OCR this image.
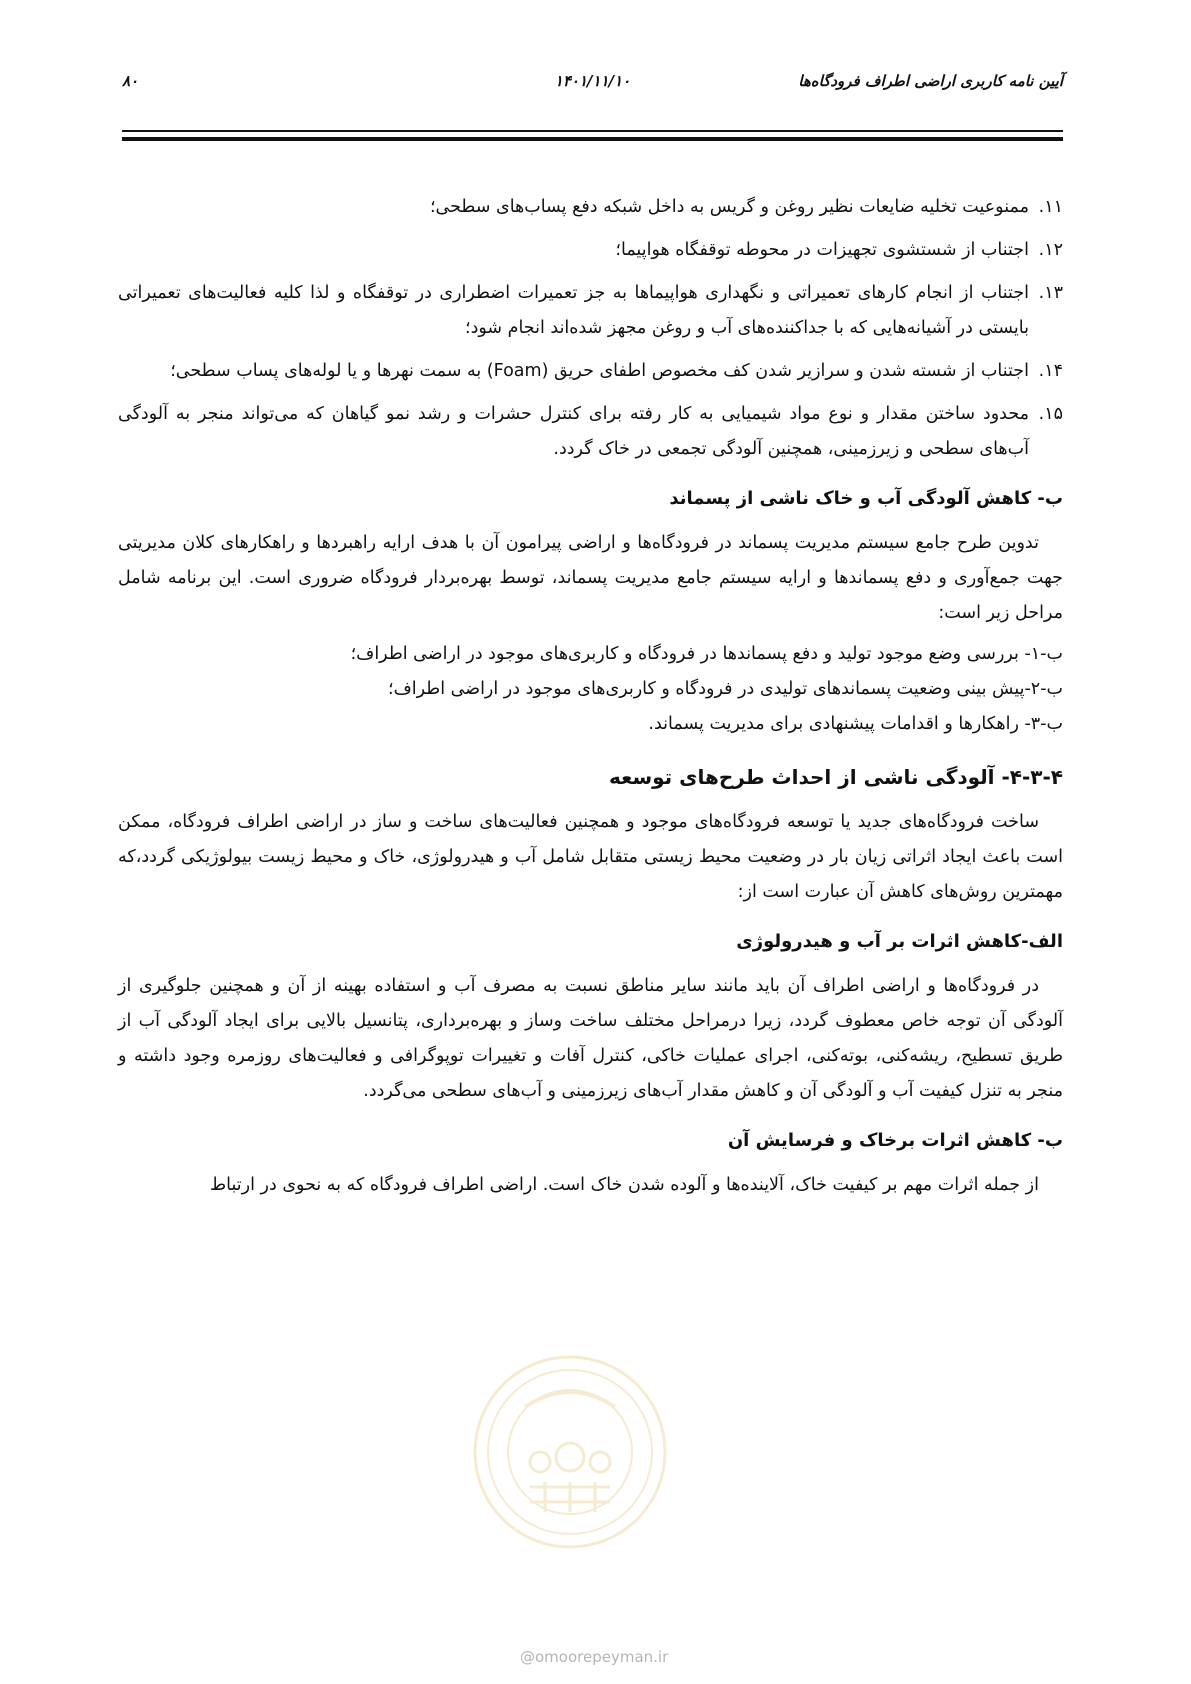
آیین نامه کاربری اراضی اطراف فرودگاه‌ها
۱۴۰۱/۱۱/۱۰
۸۰
۱۱.
ممنوعیت تخلیه ضایعات نظیر روغن و گریس به داخل شبکه دفع پساب‌های سطحی؛
۱۲.
اجتناب از شستشوی تجهیزات در محوطه توقفگاه هواپیما؛
۱۳.
اجتناب از انجام کارهای تعمیراتی و نگهداری هواپیماها به جز تعمیرات اضطراری در توقفگاه و لذا کلیه فعالیت‌های تعمیراتی بایستی در آشیانه‌هایی که با جداکننده‌های آب و روغن مجهز شده‌اند انجام شود؛
۱۴.
اجتناب از شسته شدن و سرازیر شدن کف مخصوص اطفای حریق (Foam) به سمت نهرها و یا لوله‌های پساب سطحی؛
۱۵.
محدود ساختن مقدار و نوع مواد شیمیایی به کار رفته برای کنترل حشرات و رشد نمو گیاهان که می‌تواند منجر به آلودگی آب‌های سطحی و زیرزمینی، همچنین آلودگی تجمعی در خاک گردد.
ب- کاهش آلودگی آب و خاک ناشی از پسماند

تدوین طرح جامع سیستم مدیریت پسماند در فرودگاه‌ها و اراضی پیرامون آن با هدف ارایه راهبردها و راهکارهای کلان مدیریتی جهت جمع‌آوری و دفع پسماندها و ارایه سیستم جامع مدیریت پسماند، توسط بهره‌بردار فرودگاه ضروری است. این برنامه شامل مراحل زیر است:

ب-۱- بررسی وضع موجود تولید و دفع پسماندها در فرودگاه و کاربری‌های موجود در اراضی اطراف؛
ب-۲-پیش بینی وضعیت پسماندهای تولیدی در فرودگاه و کاربری‌های موجود در اراضی اطراف؛
ب-۳- راهکارها و اقدامات پیشنهادی برای مدیریت پسماند.
۴-۳-۴- آلودگی ناشی از احداث طرح‌های توسعه

ساخت فرودگاه‌های جدید یا توسعه فرودگاه‌های موجود و همچنین فعالیت‌های ساخت و ساز در اراضی اطراف فرودگاه، ممکن است باعث ایجاد اثراتی زیان بار در وضعیت محیط زیستی متقابل شامل آب و هیدرولوژی، خاک و محیط زیست بیولوژیکی گردد،که مهمترین روش‌های کاهش آن عبارت است از:

الف-کاهش اثرات بر آب و هیدرولوژی

در فرودگاه‌ها و اراضی اطراف آن باید مانند سایر مناطق نسبت به مصرف آب و استفاده بهینه از آن و همچنین جلوگیری از آلودگی آن توجه خاص معطوف گردد، زیرا درمراحل مختلف ساخت وساز و بهره‌برداری، پتانسیل بالایی برای ایجاد آلودگی آب از طریق تسطیح، ریشه‌کنی، بوته‌کنی، اجرای عملیات خاکی، کنترل آفات و تغییرات توپوگرافی و فعالیت‌های روزمره وجود داشته و منجر به تنزل کیفیت آب و آلودگی آن و کاهش مقدار آب‌های زیرزمینی و آب‌های سطحی می‌گردد.

ب- کاهش اثرات برخاک و فرسایش آن

از جمله اثرات مهم بر کیفیت خاک، آلاینده‌ها و آلوده شدن خاک است. اراضی اطراف فرودگاه که به نحوی در ارتباط

@omoorepeyman.ir
